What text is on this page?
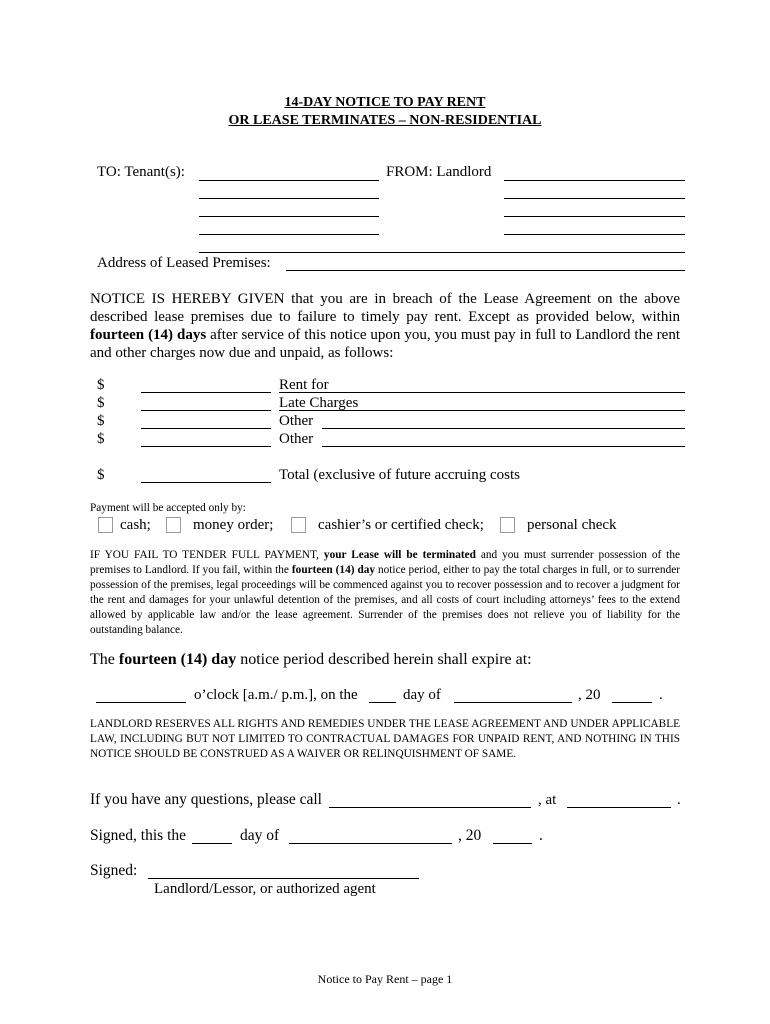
14-DAY NOTICE TO PAY RENT
OR LEASE TERMINATES – NON-RESIDENTIAL
TO: Tenant(s):	FROM: Landlord
Address of Leased Premises:
NOTICE IS HEREBY GIVEN that you are in breach of the Lease Agreement on the above described lease premises due to failure to timely pay rent. Except as provided below, within fourteen (14) days after service of this notice upon you, you must pay in full to Landlord the rent and other charges now due and unpaid, as follows:
$	Rent for
$	Late Charges
$	Other
$	Other
$	Total (exclusive of future accruing costs
Payment will be accepted only by:
cash;	money order;	cashier’s or certified check;	personal check
IF YOU FAIL TO TENDER FULL PAYMENT, your Lease will be terminated and you must surrender possession of the premises to Landlord. If you fail, within the fourteen (14) day notice period, either to pay the total charges in full, or to surrender possession of the premises, legal proceedings will be commenced against you to recover possession and to recover a judgment for the rent and damages for your unlawful detention of the premises, and all costs of court including attorneys’ fees to the extend allowed by applicable law and/or the lease agreement. Surrender of the premises does not relieve you of liability for the outstanding balance.
The fourteen (14) day notice period described herein shall expire at:
o’clock [a.m./ p.m.], on the	day of	, 20	.
LANDLORD RESERVES ALL RIGHTS AND REMEDIES UNDER THE LEASE AGREEMENT AND UNDER APPLICABLE LAW, INCLUDING BUT NOT LIMITED TO CONTRACTUAL DAMAGES FOR UNPAID RENT, AND NOTHING IN THIS NOTICE SHOULD BE CONSTRUED AS A WAIVER OR RELINQUISHMENT OF SAME.
If you have any questions, please call	, at	.
Signed, this the	day of	, 20	.
Signed:
Landlord/Lessor, or authorized agent
Notice to Pay Rent – page 1
